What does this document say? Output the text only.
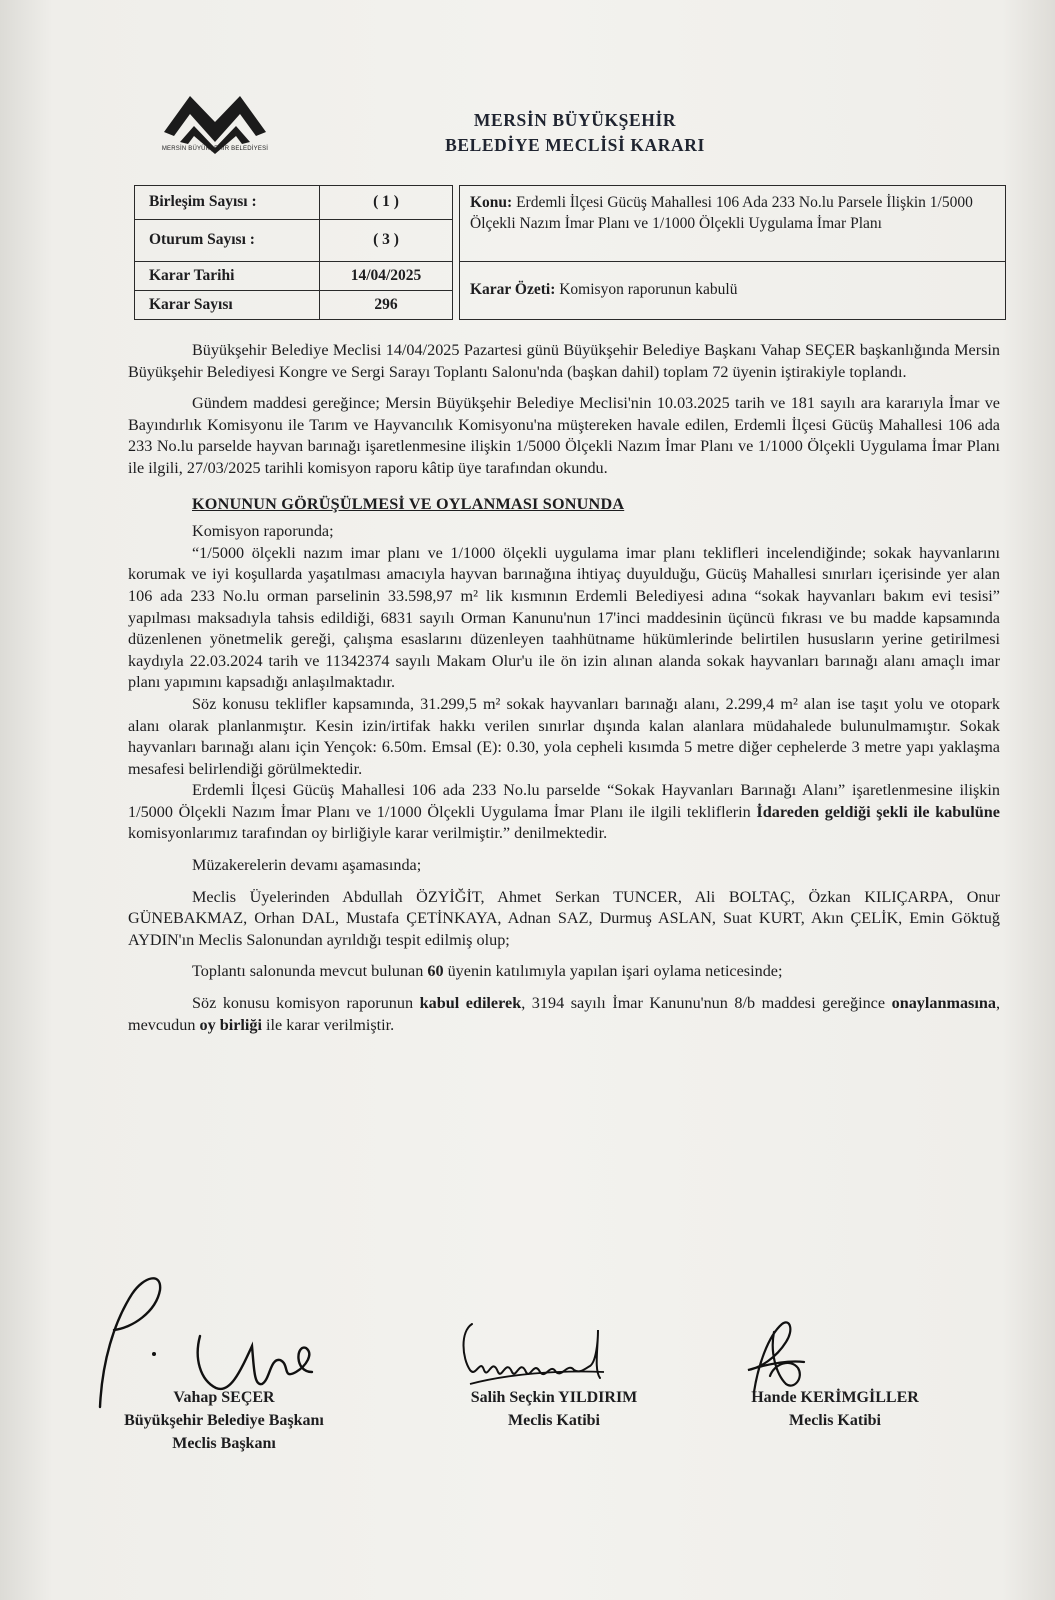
MERSİN BÜYÜKŞEHİR BELEDİYESİ
MERSİN BÜYÜKŞEHİR
BELEDİYE MECLİSİ KARARI
Birleşim Sayısı :	( 1 )		Konu: Erdemli İlçesi Gücüş Mahallesi 106 Ada 233 No.lu Parsele İlişkin 1/5000 Ölçekli Nazım İmar Planı ve 1/1000 Ölçekli Uygulama İmar Planı
Oturum Sayısı :	( 3 )		
Karar Tarihi	14/04/2025		Karar Özeti: Komisyon raporunun kabulü
Karar Sayısı	296		

Büyükşehir Belediye Meclisi 14/04/2025 Pazartesi günü Büyükşehir Belediye Başkanı Vahap SEÇER başkanlığında Mersin Büyükşehir Belediyesi Kongre ve Sergi Sarayı Toplantı Salonu'nda (başkan dahil) toplam 72 üyenin iştirakiyle toplandı.

Gündem maddesi gereğince; Mersin Büyükşehir Belediye Meclisi'nin 10.03.2025 tarih ve 181 sayılı ara kararıyla İmar ve Bayındırlık Komisyonu ile Tarım ve Hayvancılık Komisyonu'na müştereken havale edilen, Erdemli İlçesi Gücüş Mahallesi 106 ada 233 No.lu parselde hayvan barınağı işaretlenmesine ilişkin 1/5000 Ölçekli Nazım İmar Planı ve 1/1000 Ölçekli Uygulama İmar Planı ile ilgili, 27/03/2025 tarihli komisyon raporu kâtip üye tarafından okundu.

KONUNUN GÖRÜŞÜLMESİ VE OYLANMASI SONUNDA

Komisyon raporunda;

“1/5000 ölçekli nazım imar planı ve 1/1000 ölçekli uygulama imar planı teklifleri incelendiğinde; sokak hayvanlarını korumak ve iyi koşullarda yaşatılması amacıyla hayvan barınağına ihtiyaç duyulduğu, Gücüş Mahallesi sınırları içerisinde yer alan 106 ada 233 No.lu orman parselinin 33.598,97 m² lik kısmının Erdemli Belediyesi adına “sokak hayvanları bakım evi tesisi” yapılması maksadıyla tahsis edildiği, 6831 sayılı Orman Kanunu'nun 17'inci maddesinin üçüncü fıkrası ve bu madde kapsamında düzenlenen yönetmelik gereği, çalışma esaslarını düzenleyen taahhütname hükümlerinde belirtilen hususların yerine getirilmesi kaydıyla 22.03.2024 tarih ve 11342374 sayılı Makam Olur'u ile ön izin alınan alanda sokak hayvanları barınağı alanı amaçlı imar planı yapımını kapsadığı anlaşılmaktadır.

Söz konusu teklifler kapsamında, 31.299,5 m² sokak hayvanları barınağı alanı, 2.299,4 m² alan ise taşıt yolu ve otopark alanı olarak planlanmıştır. Kesin izin/irtifak hakkı verilen sınırlar dışında kalan alanlara müdahalede bulunulmamıştır. Sokak hayvanları barınağı alanı için Yençok: 6.50m. Emsal (E): 0.30, yola cepheli kısımda 5 metre diğer cephelerde 3 metre yapı yaklaşma mesafesi belirlendiği görülmektedir.

Erdemli İlçesi Gücüş Mahallesi 106 ada 233 No.lu parselde “Sokak Hayvanları Barınağı Alanı” işaretlenmesine ilişkin 1/5000 Ölçekli Nazım İmar Planı ve 1/1000 Ölçekli Uygulama İmar Planı ile ilgili tekliflerin İdareden geldiği şekli ile kabulüne komisyonlarımız tarafından oy birliğiyle karar verilmiştir.” denilmektedir.

Müzakerelerin devamı aşamasında;

Meclis Üyelerinden Abdullah ÖZYİĞİT, Ahmet Serkan TUNCER, Ali BOLTAÇ, Özkan KILIÇARPA, Onur GÜNEBAKMAZ, Orhan DAL, Mustafa ÇETİNKAYA, Adnan SAZ, Durmuş ASLAN, Suat KURT, Akın ÇELİK, Emin Göktuğ AYDIN'ın Meclis Salonundan ayrıldığı tespit edilmiş olup;

Toplantı salonunda mevcut bulunan 60 üyenin katılımıyla yapılan işari oylama neticesinde;

Söz konusu komisyon raporunun kabul edilerek, 3194 sayılı İmar Kanunu'nun 8/b maddesi gereğince onaylanmasına, mevcudun oy birliği ile karar verilmiştir.

Vahap SEÇER
Büyükşehir Belediye Başkanı
Meclis Başkanı
Salih Seçkin YILDIRIM
Meclis Katibi
Hande KERİMGİLLER
Meclis Katibi
